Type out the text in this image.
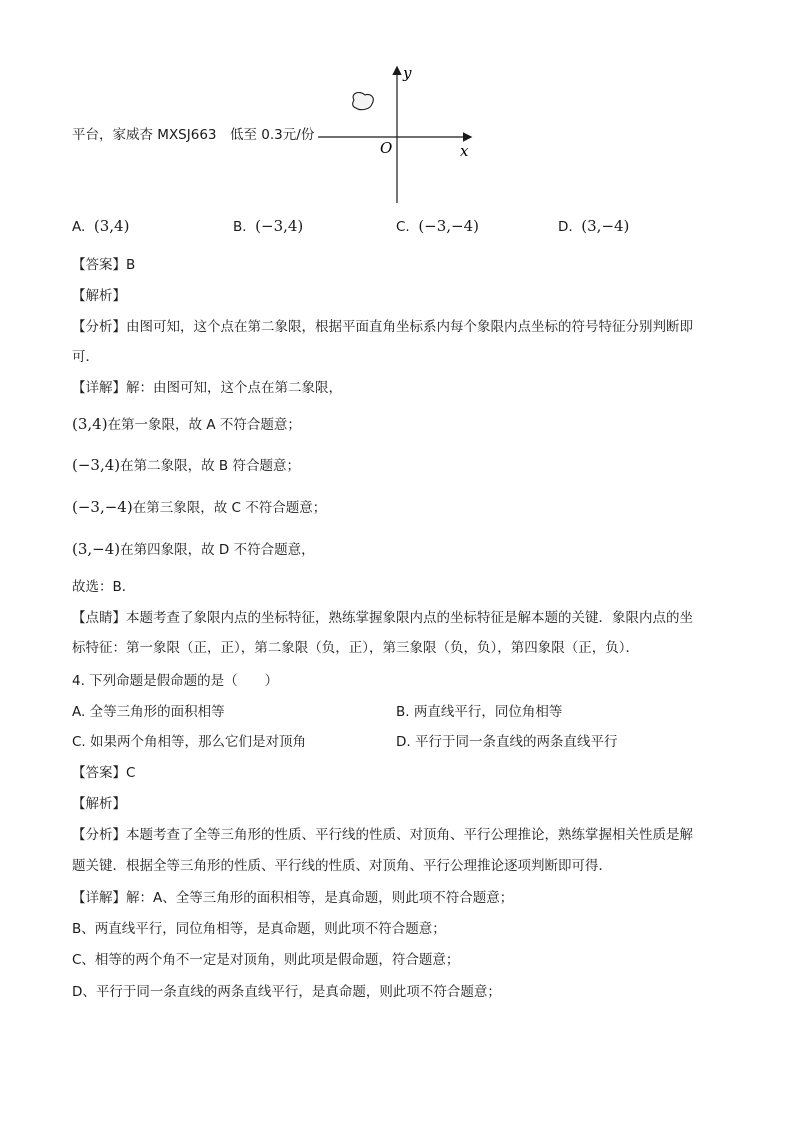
平台，家威杏 MXSJ663　低至 0.3元/份
y
x
O
A. (3,4)	B. (−3,4)	C. (−3,−4)	D. (3,−4)
【答案】B
【解析】
【分析】由图可知，这个点在第二象限，根据平面直角坐标系内每个象限内点坐标的符号特征分别判断即
可．
【详解】解：由图可知，这个点在第二象限，
(3,4)在第一象限，故 A 不符合题意；
(−3,4)在第二象限，故 B 符合题意；
(−3,−4)在第三象限，故 C 不符合题意；
(3,−4)在第四象限，故 D 不符合题意，
故选：B．
【点睛】本题考查了象限内点的坐标特征，熟练掌握象限内点的坐标特征是解本题的关键．象限内点的坐
标特征：第一象限（正，正），第二象限（负，正），第三象限（负，负），第四象限（正，负）．
4. 下列命题是假命题的是（　　）
A. 全等三角形的面积相等	B. 两直线平行，同位角相等
C. 如果两个角相等，那么它们是对顶角	D. 平行于同一条直线的两条直线平行
【答案】C
【解析】
【分析】本题考查了全等三角形的性质、平行线的性质、对顶角、平行公理推论，熟练掌握相关性质是解
题关键．根据全等三角形的性质、平行线的性质、对顶角、平行公理推论逐项判断即可得．
【详解】解：A、全等三角形的面积相等，是真命题，则此项不符合题意；
B、两直线平行，同位角相等，是真命题，则此项不符合题意；
C、相等的两个角不一定是对顶角，则此项是假命题，符合题意；
D、平行于同一条直线的两条直线平行，是真命题，则此项不符合题意；
